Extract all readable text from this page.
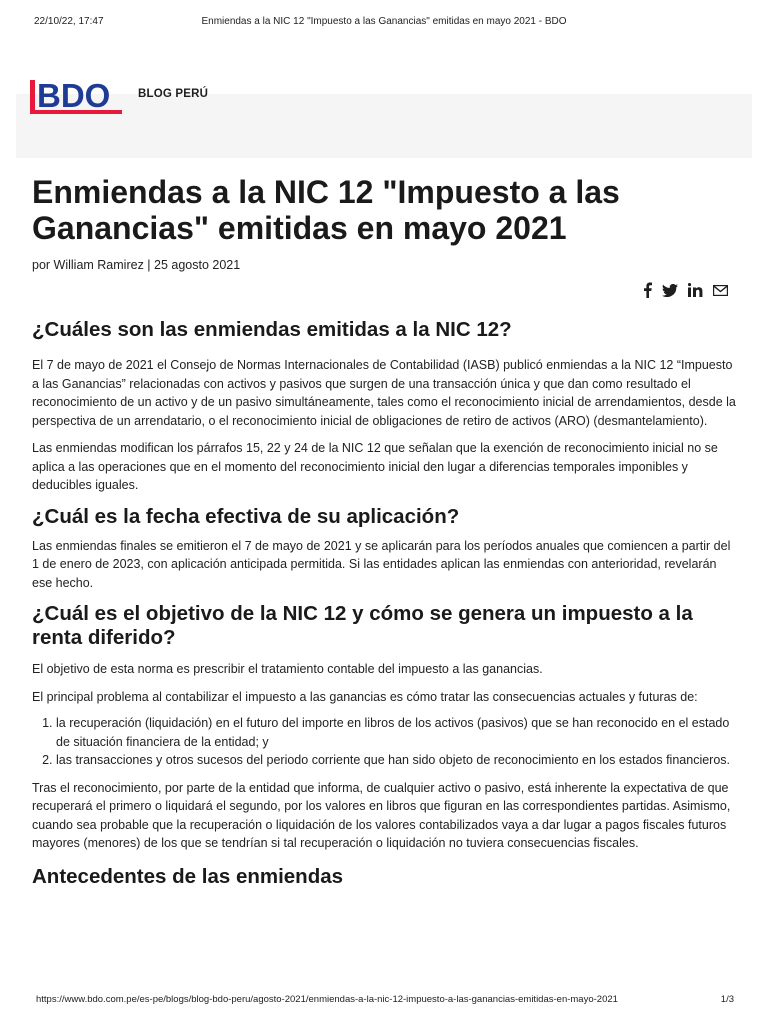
22/10/22, 17:47	Enmiendas a la NIC 12 "Impuesto a las Ganancias" emitidas en mayo 2021 - BDO
BDO BLOG PERÚ
Enmiendas a la NIC 12 "Impuesto a las Ganancias" emitidas en mayo 2021
por William Ramirez | 25 agosto 2021
¿Cuáles son las enmiendas emitidas a la NIC 12?

El 7 de mayo de 2021 el Consejo de Normas Internacionales de Contabilidad (IASB) publicó enmiendas a la NIC 12 “Impuesto a las Ganancias” relacionadas con activos y pasivos que surgen de una transacción única y que dan como resultado el reconocimiento de un activo y de un pasivo simultáneamente, tales como el reconocimiento inicial de arrendamientos, desde la perspectiva de un arrendatario, o el reconocimiento inicial de obligaciones de retiro de activos (ARO) (desmantelamiento).

Las enmiendas modifican los párrafos 15, 22 y 24 de la NIC 12 que señalan que la exención de reconocimiento inicial no se aplica a las operaciones que en el momento del reconocimiento inicial den lugar a diferencias temporales imponibles y deducibles iguales.

¿Cuál es la fecha efectiva de su aplicación?

Las enmiendas finales se emitieron el 7 de mayo de 2021 y se aplicarán para los períodos anuales que comiencen a partir del 1 de enero de 2023, con aplicación anticipada permitida. Si las entidades aplican las enmiendas con anterioridad, revelarán ese hecho.

¿Cuál es el objetivo de la NIC 12 y cómo se genera un impuesto a la renta diferido?

El objetivo de esta norma es prescribir el tratamiento contable del impuesto a las ganancias.

El principal problema al contabilizar el impuesto a las ganancias es cómo tratar las consecuencias actuales y futuras de:

1. la recuperación (liquidación) en el futuro del importe en libros de los activos (pasivos) que se han reconocido en el estado de situación financiera de la entidad; y
2. las transacciones y otros sucesos del periodo corriente que han sido objeto de reconocimiento en los estados financieros.

Tras el reconocimiento, por parte de la entidad que informa, de cualquier activo o pasivo, está inherente la expectativa de que recuperará el primero o liquidará el segundo, por los valores en libros que figuran en las correspondientes partidas. Asimismo, cuando sea probable que la recuperación o liquidación de los valores contabilizados vaya a dar lugar a pagos fiscales futuros mayores (menores) de los que se tendrían si tal recuperación o liquidación no tuviera consecuencias fiscales.

Antecedentes de las enmiendas
https://www.bdo.com.pe/es-pe/blogs/blog-bdo-peru/agosto-2021/enmiendas-a-la-nic-12-impuesto-a-las-ganancias-emitidas-en-mayo-2021	1/3
